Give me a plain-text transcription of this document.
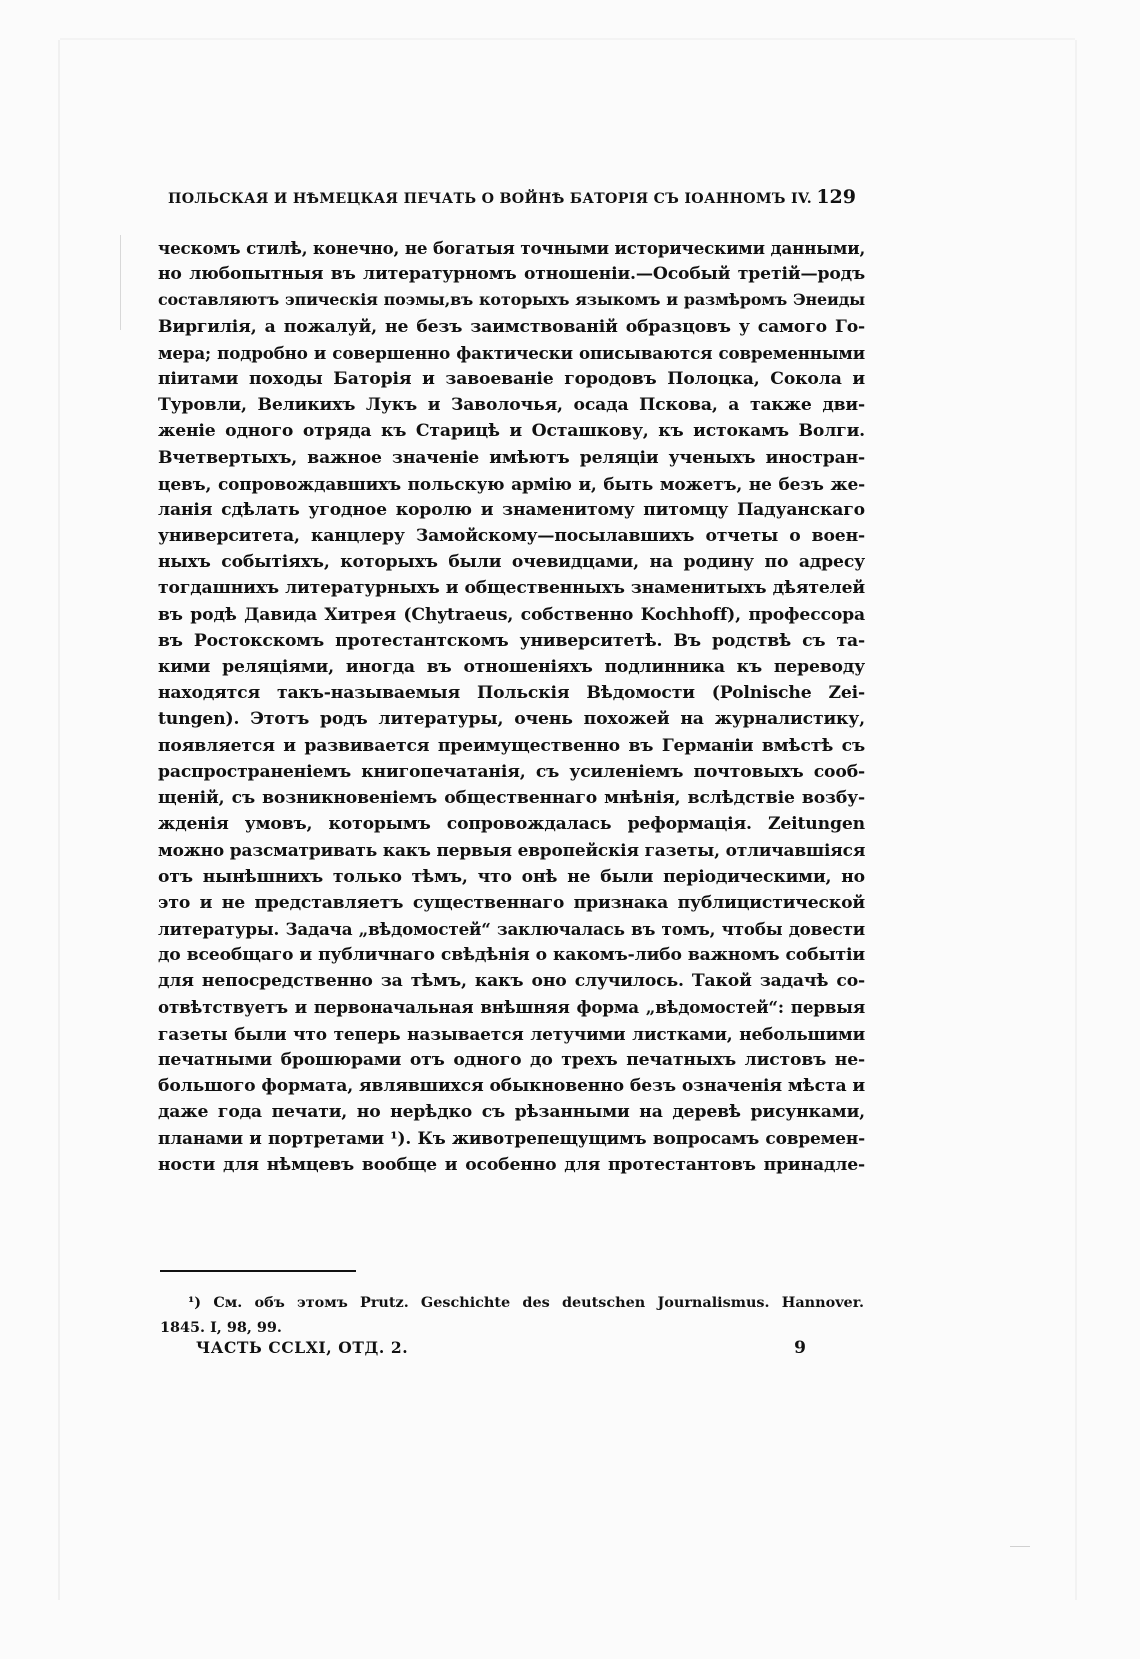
ПОЛЬСКАЯ И НѢМЕЦКАЯ ПЕЧАТЬ О ВОЙНѢ БАТОРІЯ СЪ ІОАННОМЪ IV. 129
ческомъ стилѣ, конечно, не богатыя точными историческими данными,
но любопытныя въ литературномъ отношеніи.—Особый третій—родъ
составляютъ эпическія поэмы,въ которыхъ языкомъ и размѣромъ Энеиды
Виргилія, а пожалуй, не безъ заимствованій образцовъ у самого Го-
мера; подробно и совершенно фактически описываются современными
піитами походы Баторія и завоеваніе городовъ Полоцка, Сокола и
Туровли, Великихъ Лукъ и Заволочья, осада Пскова, а также дви-
женіе одного отряда къ Старицѣ и Осташкову, къ истокамъ Волги.
Вчетвертыхъ, важное значеніе имѣютъ реляціи ученыхъ иностран-
цевъ, сопровождавшихъ польскую армію и, быть можетъ, не безъ же-
ланія сдѣлать угодное королю и знаменитому питомцу Падуанскаго
университета, канцлеру Замойскому—посылавшихъ отчеты о воен-
ныхъ событіяхъ, которыхъ были очевидцами, на родину по адресу
тогдашнихъ литературныхъ и общественныхъ знаменитыхъ дѣятелей
въ родѣ Давида Хитрея (Chytraeus, собственно Kochhoff), профессора
въ Ростокскомъ протестантскомъ университетѣ. Въ родствѣ съ та-
кими реляціями, иногда въ отношеніяхъ подлинника къ переводу
находятся такъ-называемыя Польскія Вѣдомости (Polnische Zei-
tungen). Этотъ родъ литературы, очень похожей на журналистику,
появляется и развивается преимущественно въ Германіи вмѣстѣ съ
распространеніемъ книгопечатанія, съ усиленіемъ почтовыхъ сооб-
щеній, съ возникновеніемъ общественнаго мнѣнія, вслѣдствіе возбу-
жденія умовъ, которымъ сопровождалась реформація. Zeitungen
можно разсматривать какъ первыя европейскія газеты, отличавшіяся
отъ нынѣшнихъ только тѣмъ, что онѣ не были періодическими, но
это и не представляетъ существеннаго признака публицистической
литературы. Задача „вѣдомостей“ заключалась въ томъ, чтобы довести
до всеобщаго и публичнаго свѣдѣнія о какомъ-либо важномъ событіи
для непосредственно за тѣмъ, какъ оно случилось. Такой задачѣ со-
отвѣтствуетъ и первоначальная внѣшняя форма „вѣдомостей“: первыя
газеты были что теперь называется летучими листками, небольшими
печатными брошюрами отъ одного до трехъ печатныхъ листовъ не-
большого формата, являвшихся обыкновенно безъ означенія мѣста и
даже года печати, но нерѣдко съ рѣзанными на деревѣ рисунками,
планами и портретами ¹). Къ животрепещущимъ вопросамъ современ-
ности для нѣмцевъ вообще и особенно для протестантовъ принадле-
¹) См. объ этомъ Prutz. Geschichte des deutschen Journalismus. Hannover.
1845. I, 98, 99.
ЧАСТЬ CCLXI, ОТД. 2.	9
